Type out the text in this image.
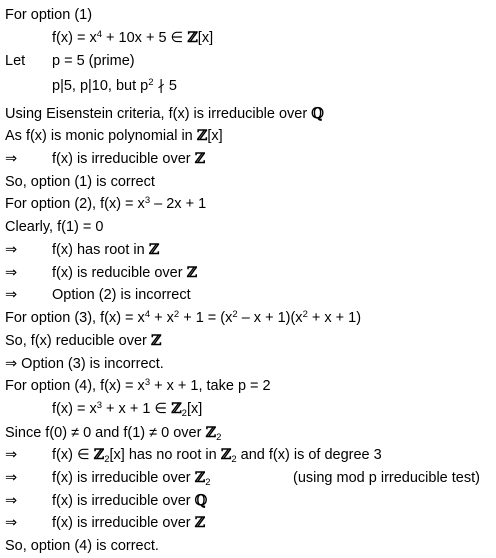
For option (1)
$f(x) = x^4 + 10x + 5$ ∈ ℤ[x]
Let p = 5 (prime)
p|5, p|10, but $p^2$ ∤ 5
Using Eisenstein criteria, f(x) is irreducible over ℚ
As f(x) is monic polynomial in ℤ[x]
⇒ f(x) is irreducible over ℤ
So, option (1) is correct
For option (2), $f(x) = x^3 - 2x + 1$
Clearly, f(1) = 0
⇒ f(x) has root in ℤ
⇒ f(x) is reducible over ℤ
⇒ Option (2) is incorrect
For option (3), $f(x) = x^4 + x^2 + 1 = (x^2 - x + 1)(x^2 + x + 1)$
So, f(x) reducible over ℤ
⇒ Option (3) is incorrect.
For option (4), $f(x) = x^3 + x + 1$, take p = 2
$f(x) = x^3 + x + 1$ ∈ ℤ$_2$[x]
Since f(0) ≠ 0 and f(1) ≠ 0 over ℤ$_2$
⇒ f(x) ∈ ℤ$_2$[x] has no root in ℤ$_2$ and f(x) is of degree 3
⇒ f(x) is irreducible over ℤ$_2$	(using mod p irreducible test)
⇒ f(x) is irreducible over ℚ
⇒ f(x) is irreducible over ℤ
So, option (4) is correct.
